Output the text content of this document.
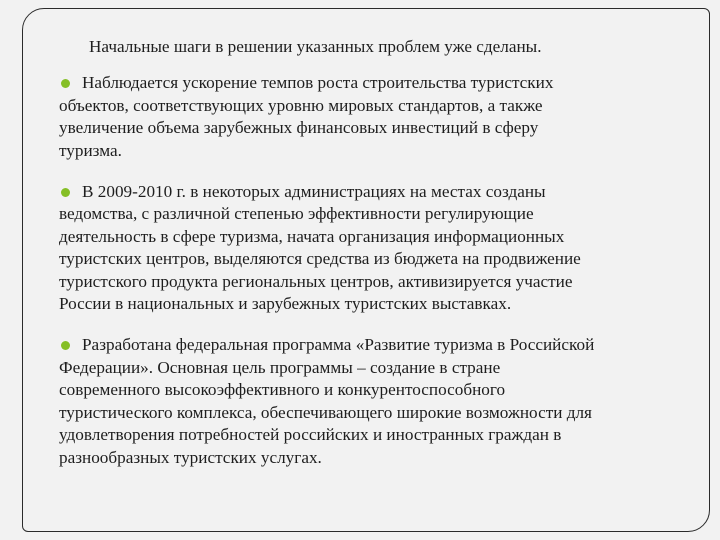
Начальные шаги в решении указанных проблем уже сделаны.
Наблюдается ускорение темпов роста строительства туристских
объектов, соответствующих уровню мировых стандартов, а также
увеличение объема зарубежных финансовых инвестиций в сферу
туризма.
В 2009-2010 г. в некоторых администрациях на местах созданы
ведомства, с различной степенью эффективности регулирующие
деятельность в сфере туризма, начата организация информационных
туристских центров, выделяются средства из бюджета на продвижение
туристского продукта региональных центров, активизируется участие
России в национальных и зарубежных туристских выставках.
Разработана федеральная программа «Развитие туризма в Российской
Федерации». Основная цель программы – создание в стране
современного высокоэффективного и конкурентоспособного
туристического комплекса, обеспечивающего широкие возможности для
удовлетворения потребностей российских и иностранных граждан в
разнообразных туристских услугах.
